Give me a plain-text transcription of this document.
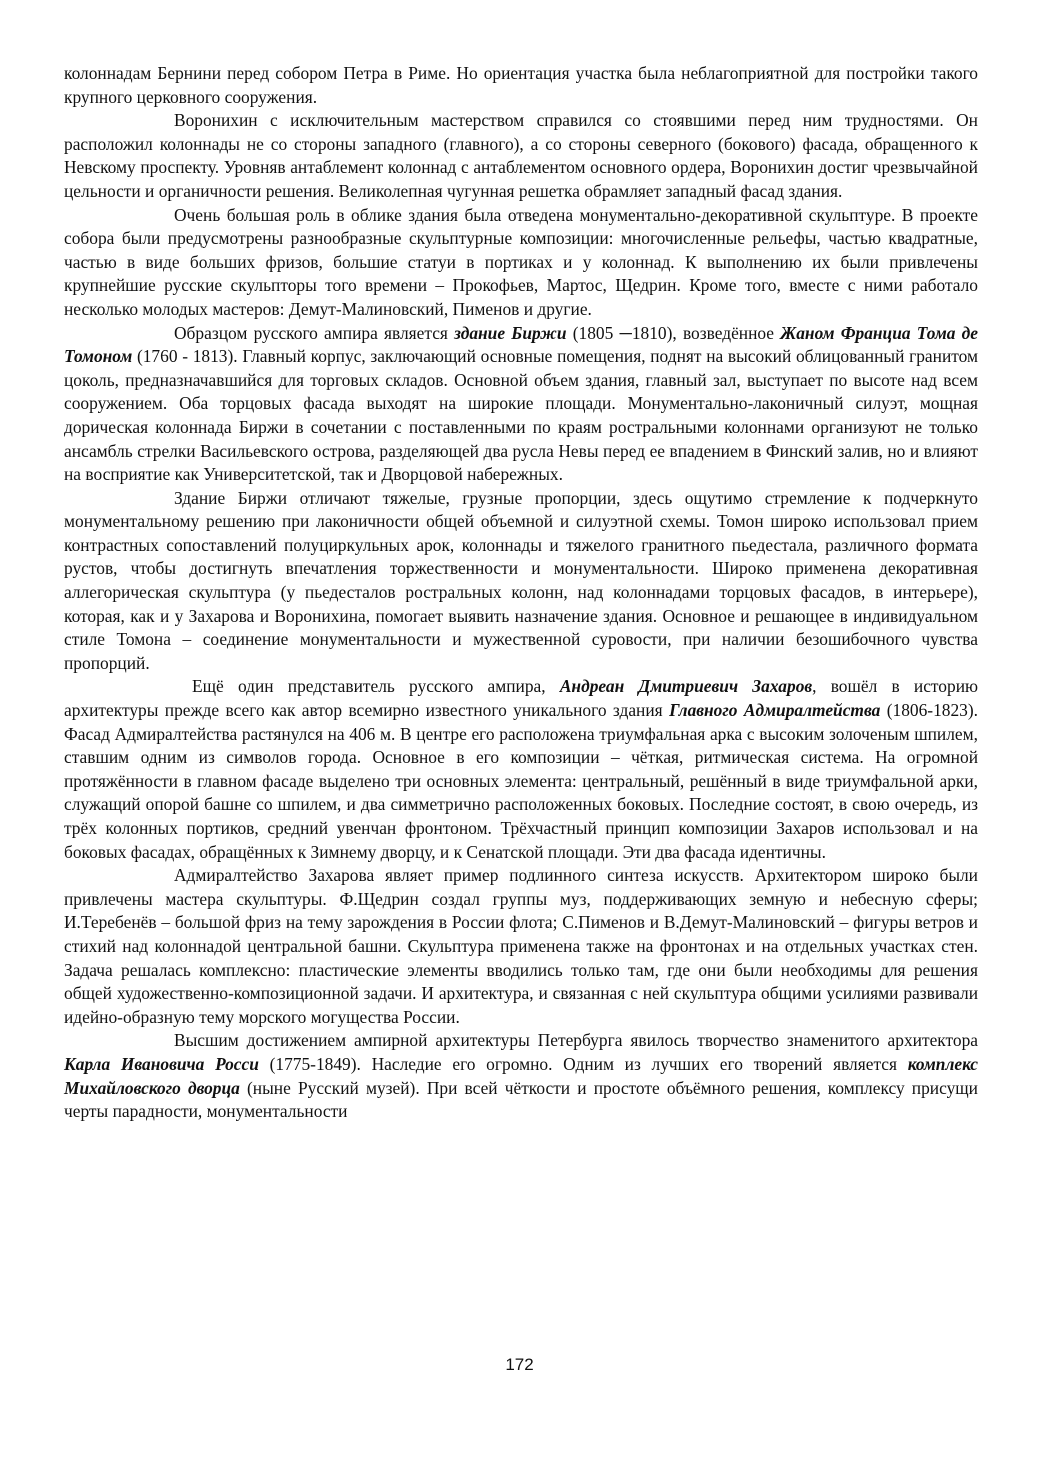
колоннадам Бернини перед собором Петра в Риме. Но ориентация участка была неблагоприятной для постройки такого крупного церковного сооружения.

Воронихин с исключительным мастерством справился со стоявшими перед ним трудностями. Он расположил колоннады не со стороны западного (главного), а со стороны северного (бокового) фасада, обращенного к Невскому проспекту. Уровняв антаблемент колоннад с антаблементом основного ордера, Воронихин достиг чрезвычайной цельности и органичности решения. Великолепная чугунная решетка обрамляет западный фасад здания.

Очень большая роль в облике здания была отведена монументально-декоративной скульптуре. В проекте собора были предусмотрены разнообразные скульптурные композиции: многочисленные рельефы, частью квадратные, частью в виде больших фризов, большие статуи в портиках и у колоннад. К выполнению их были привлечены крупнейшие русские скульпторы того времени – Прокофьев, Мартос, Щедрин. Кроме того, вместе с ними работало несколько молодых мастеров: Демут-Малиновский, Пименов и другие.

Образцом русского ампира является здание Биржи (1805 ─1810), возведённое Жаном Франциа Тома де Томоном (1760 - 1813). Главный корпус, заключающий основные помещения, поднят на высокий облицованный гранитом цоколь, предназначавшийся для торговых складов. Основной объем здания, главный зал, выступает по высоте над всем сооружением. Оба торцовых фасада выходят на широкие площади. Монументально-лаконичный силуэт, мощная дорическая колоннада Биржи в сочетании с поставленными по краям ростральными колоннами организуют не только ансамбль стрелки Васильевского острова, разделяющей два русла Невы перед ее впадением в Финский залив, но и влияют на восприятие как Университетской, так и Дворцовой набережных.

Здание Биржи отличают тяжелые, грузные пропорции, здесь ощутимо стремление к подчеркнуто монументальному решению при лаконичности общей объемной и силуэтной схемы. Томон широко использовал прием контрастных сопоставлений полуциркульных арок, колоннады и тяжелого гранитного пьедестала, различного формата рустов, чтобы достигнуть впечатления торжественности и монументальности. Широко применена декоративная аллегорическая скульптура (у пьедесталов ростральных колонн, над колоннадами торцовых фасадов, в интерьере), которая, как и у Захарова и Воронихина, помогает выявить назначение здания. Основное и решающее в индивидуальном стиле Томона – соединение монументальности и мужественной суровости, при наличии безошибочного чувства пропорций.

Ещё один представитель русского ампира, Андреан Дмитриевич Захаров, вошёл в историю архитектуры прежде всего как автор всемирно известного уникального здания Главного Адмиралтейства (1806-1823). Фасад Адмиралтейства растянулся на 406 м. В центре его расположена триумфальная арка с высоким золоченым шпилем, ставшим одним из символов города. Основное в его композиции – чёткая, ритмическая система. На огромной протяжённости в главном фасаде выделено три основных элемента: центральный, решённый в виде триумфальной арки, служащий опорой башне со шпилем, и два симметрично расположенных боковых. Последние состоят, в свою очередь, из трёх колонных портиков, средний увенчан фронтоном. Трёхчастный принцип композиции Захаров использовал и на боковых фасадах, обращённых к Зимнему дворцу, и к Сенатской площади. Эти два фасада идентичны.

Адмиралтейство Захарова являет пример подлинного синтеза искусств. Архитектором широко были привлечены мастера скульптуры. Ф.Щедрин создал группы муз, поддерживающих земную и небесную сферы; И.Теребенёв – большой фриз на тему зарождения в России флота; С.Пименов и В.Демут-Малиновский – фигуры ветров и стихий над колоннадой центральной башни. Скульптура применена также на фронтонах и на отдельных участках стен. Задача решалась комплексно: пластические элементы вводились только там, где они были необходимы для решения общей художественно-композиционной задачи. И архитектура, и связанная с ней скульптура общими усилиями развивали идейно-образную тему морского могущества России.

Высшим достижением ампирной архитектуры Петербурга явилось творчество знаменитого архитектора Карла Ивановича Росси (1775-1849). Наследие его огромно. Одним из лучших его творений является комплекс Михайловского дворца (ныне Русский музей). При всей чёткости и простоте объёмного решения, комплексу присущи черты парадности, монументальности

172
